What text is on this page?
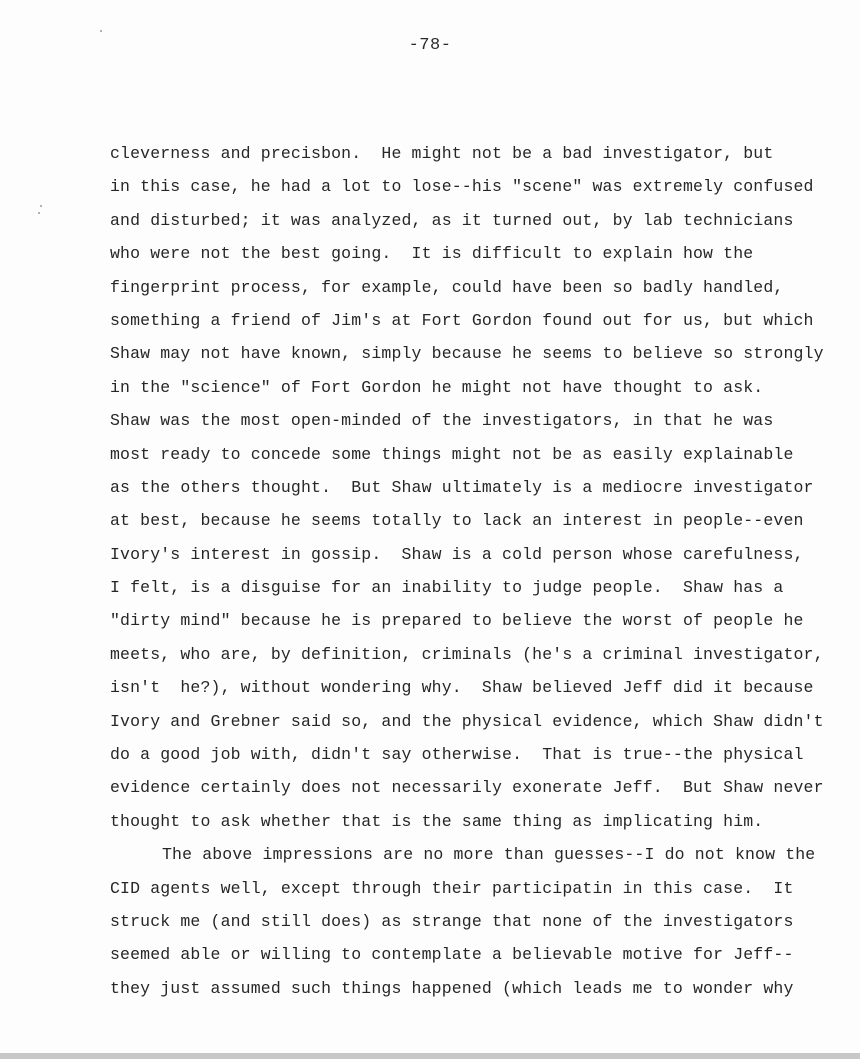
-78-
cleverness and precisbon.  He might not be a bad investigator, but
in this case, he had a lot to lose--his "scene" was extremely confused
and disturbed; it was analyzed, as it turned out, by lab technicians
who were not the best going.  It is difficult to explain how the
fingerprint process, for example, could have been so badly handled,
something a friend of Jim's at Fort Gordon found out for us, but which
Shaw may not have known, simply because he seems to believe so strongly
in the "science" of Fort Gordon he might not have thought to ask.
Shaw was the most open-minded of the investigators, in that he was
most ready to concede some things might not be as easily explainable
as the others thought.  But Shaw ultimately is a mediocre investigator
at best, because he seems totally to lack an interest in people--even
Ivory's interest in gossip.  Shaw is a cold person whose carefulness,
I felt, is a disguise for an inability to judge people.  Shaw has a
"dirty mind" because he is prepared to believe the worst of people he
meets, who are, by definition, criminals (he's a criminal investigator,
isn't  he?), without wondering why.  Shaw believed Jeff did it because
Ivory and Grebner said so, and the physical evidence, which Shaw didn't
do a good job with, didn't say otherwise.  That is true--the physical
evidence certainly does not necessarily exonerate Jeff.  But Shaw never
thought to ask whether that is the same thing as implicating him.
The above impressions are no more than guesses--I do not know the
CID agents well, except through their participatin in this case.  It
struck me (and still does) as strange that none of the investigators
seemed able or willing to contemplate a believable motive for Jeff--
they just assumed such things happened (which leads me to wonder why
